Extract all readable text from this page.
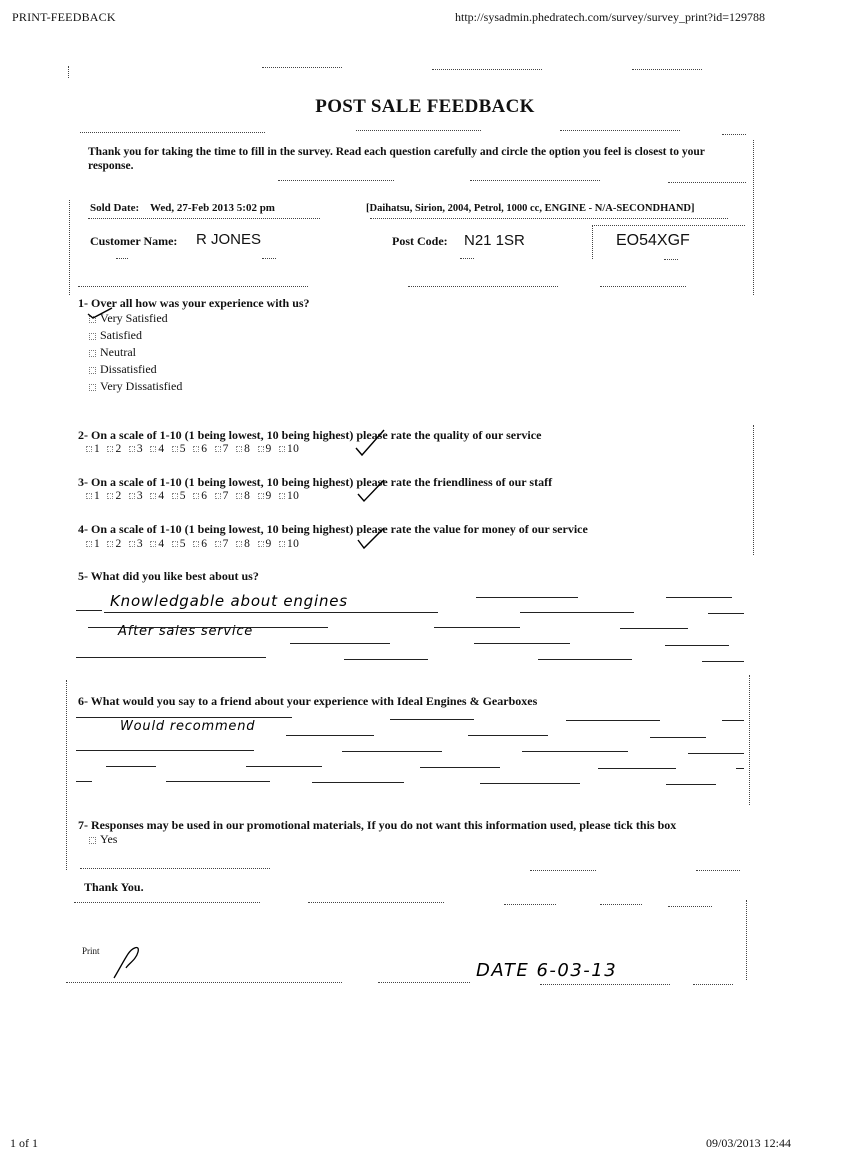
PRINT-FEEDBACK	http://sysadmin.phedratech.com/survey/survey_print?id=129788
1 of 1	09/03/2013 12:44
POST SALE FEEDBACK
Thank you for taking the time to fill in the survey. Read each question carefully and circle the option you feel is closest to your response.
Sold Date: Wed, 27-Feb 2013 5:02 pm	[Daihatsu, Sirion, 2004, Petrol, 1000 cc, ENGINE - N/A-SECONDHAND]
Customer Name: R JONES	Post Code: N21 1SR	EO54XGF
1- Over all how was your experience with us?
Very Satisfied
Satisfied
Neutral
Dissatisfied
Very Dissatisfied
2- On a scale of 1-10 (1 being lowest, 10 being highest) please rate the quality of our service
1 2 3 4 5 6 7 8 9 10
3- On a scale of 1-10 (1 being lowest, 10 being highest) please rate the friendliness of our staff
1 2 3 4 5 6 7 8 9 10
4- On a scale of 1-10 (1 being lowest, 10 being highest) please rate the value for money of our service
1 2 3 4 5 6 7 8 9 10
5- What did you like best about us?
Knowledgable about engines
After sales service
6- What would you say to a friend about your experience with Ideal Engines & Gearboxes
Would recommend
7- Responses may be used in our promotional materials, If you do not want this information used, please tick this box
Yes
Thank You.
Print
DATE 6-03-13
